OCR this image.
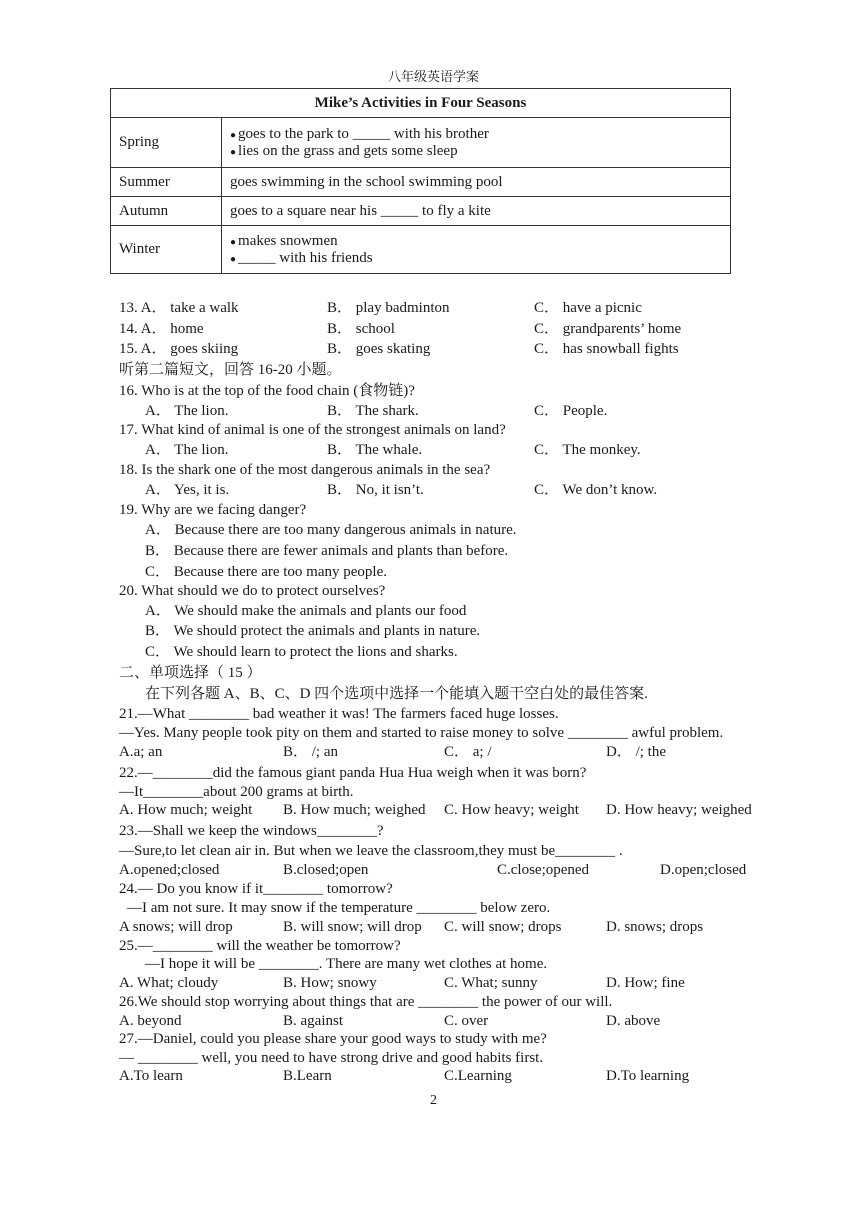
八年级英语学案
Mike’s Activities in Four Seasons	
Spring	● goes to the park to _____ with his brother
● lies on the grass and gets some sleep

Summer	goes swimming in the school swimming pool
Autumn	goes to a square near his _____ to fly a kite
Winter	● makes snowmen
● _____ with his friends
13. A． take a walk	B． play badminton	C． have a picnic
14. A． home	B． school	C． grandparents’ home
15. A． goes skiing	B． goes skating	C． has snowball fights
听第二篇短文，回答 16-20 小题。
16. Who is at the top of the food chain (食物链)?
A． The lion.	B． The shark.	C． People.
17. What kind of animal is one of the strongest animals on land?
A． The lion.	B． The whale.	C． The monkey.
18. Is the shark one of the most dangerous animals in the sea?
A． Yes, it is.	B． No, it isn’t.	C． We don’t know.
19. Why are we facing danger?
A． Because there are too many dangerous animals in nature.
B． Because there are fewer animals and plants than before.
C． Because there are too many people.
20. What should we do to protect ourselves?
A． We should make the animals and plants our food
B． We should protect the animals and plants in nature.
C． We should learn to protect the lions and sharks.
二、单项选择（ 15 ）
在下列各题 A、B、C、D 四个选项中选择一个能填入题干空白处的最佳答案.
21.—What ________ bad weather it was! The farmers faced huge losses.
—Yes. Many people took pity on them and started to raise money to solve ________ awful problem.
A.a; an	B． /; an	C． a; /	D． /; the
22.—________did the famous giant panda Hua Hua weigh when it was born?
—It________about 200 grams at birth.
A. How much; weight B. How much; weighed C. How heavy; weight D. How heavy; weighed
23.—Shall we keep the windows________?
—Sure,to let clean air in. But when we leave the classroom,they must be________ .
A.opened;closed	B.closed;open	C.close;opened	D.open;closed
24.— Do you know if it________ tomorrow?
—I am not sure. It may snow if the temperature ________ below zero.
A snows; will drop	B. will snow; will drop C. will snow; drops	D. snows; drops
25.—________ will the weather be tomorrow?
—I hope it will be ________. There are many wet clothes at home.
A. What; cloudy	B. How; snowy	C. What; sunny	D. How; fine
26.We should stop worrying about things that are ________ the power of our will.
A. beyond	B. against	C. over	D. above
27.—Daniel, could you please share your good ways to study with me?
— ________ well, you need to have strong drive and good habits first.
A.To learn	B.Learn	C.Learning	D.To learning
2
